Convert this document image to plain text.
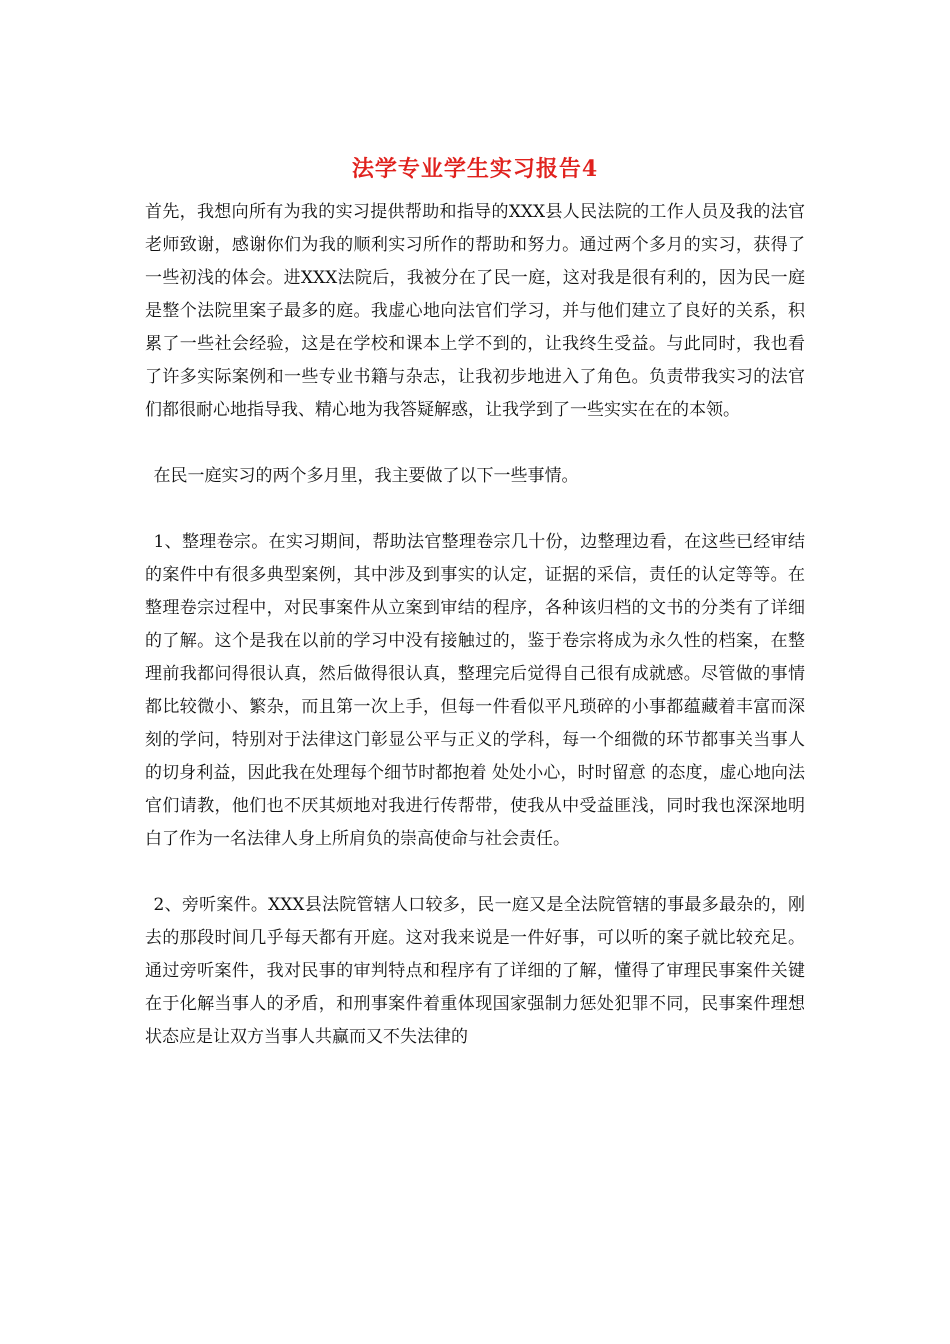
法学专业学生实习报告4

首先，我想向所有为我的实习提供帮助和指导的XXX县人民法院的工作人员及我的法官老师致谢，感谢你们为我的顺利实习所作的帮助和努力。通过两个多月的实习，获得了一些初浅的体会。进XXX法院后，我被分在了民一庭，这对我是很有利的，因为民一庭是整个法院里案子最多的庭。我虚心地向法官们学习，并与他们建立了良好的关系，积累了一些社会经验，这是在学校和课本上学不到的，让我终生受益。与此同时，我也看了许多实际案例和一些专业书籍与杂志，让我初步地进入了角色。负责带我实习的法官们都很耐心地指导我、精心地为我答疑解惑，让我学到了一些实实在在的本领。

在民一庭实习的两个多月里，我主要做了以下一些事情。

1、整理卷宗。在实习期间，帮助法官整理卷宗几十份，边整理边看，在这些已经审结的案件中有很多典型案例，其中涉及到事实的认定，证据的采信，责任的认定等等。在整理卷宗过程中，对民事案件从立案到审结的程序，各种该归档的文书的分类有了详细的了解。这个是我在以前的学习中没有接触过的，鉴于卷宗将成为永久性的档案，在整理前我都问得很认真，然后做得很认真，整理完后觉得自己很有成就感。尽管做的事情都比较微小、繁杂，而且第一次上手，但每一件看似平凡琐碎的小事都蕴藏着丰富而深刻的学问，特别对于法律这门彰显公平与正义的学科，每一个细微的环节都事关当事人的切身利益，因此我在处理每个细节时都抱着 处处小心，时时留意 的态度，虚心地向法官们请教，他们也不厌其烦地对我进行传帮带，使我从中受益匪浅，同时我也深深地明白了作为一名法律人身上所肩负的崇高使命与社会责任。

2、旁听案件。XXX县法院管辖人口较多，民一庭又是全法院管辖的事最多最杂的，刚去的那段时间几乎每天都有开庭。这对我来说是一件好事，可以听的案子就比较充足。通过旁听案件，我对民事的审判特点和程序有了详细的了解，懂得了审理民事案件关键在于化解当事人的矛盾，和刑事案件着重体现国家强制力惩处犯罪不同，民事案件理想状态应是让双方当事人共赢而又不失法律的
